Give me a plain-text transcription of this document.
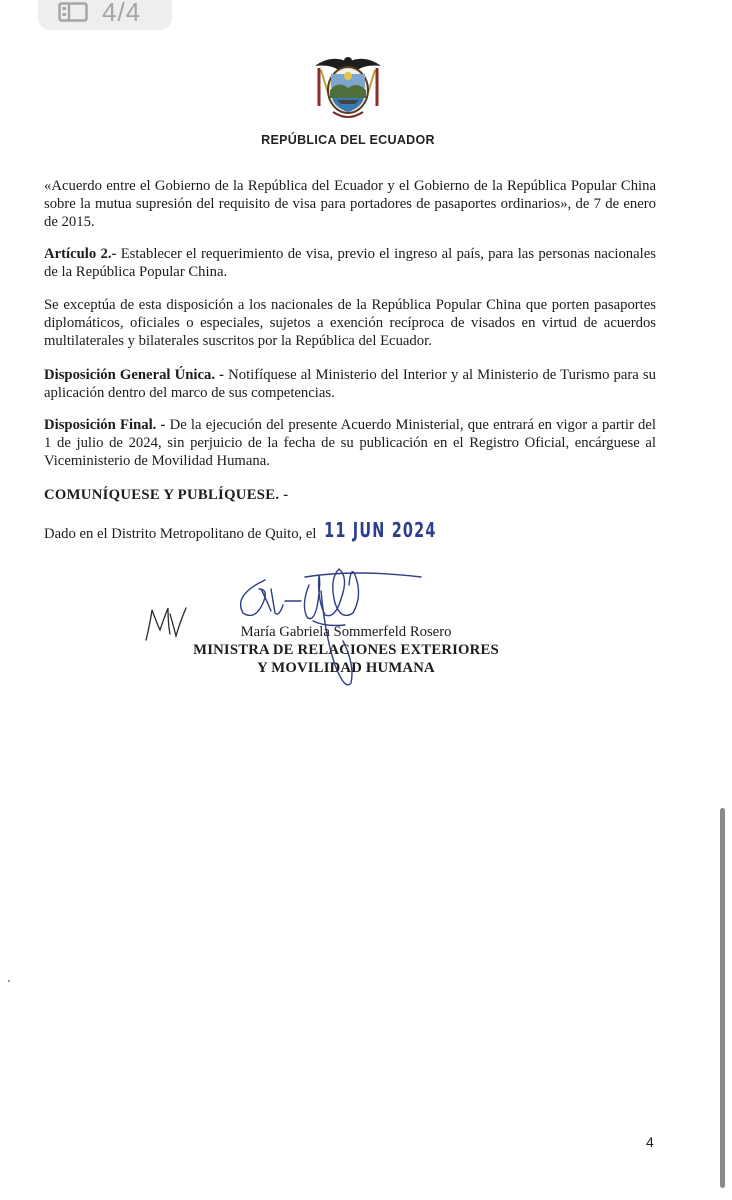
4/4
REPÚBLICA DEL ECUADOR

«Acuerdo entre el Gobierno de la República del Ecuador y el Gobierno de la República Popular China sobre la mutua supresión del requisito de visa para portadores de pasaportes ordinarios», de 7 de enero de 2015.

Artículo 2.- Establecer el requerimiento de visa, previo el ingreso al país, para las personas nacionales de la República Popular China.

Se exceptúa de esta disposición a los nacionales de la República Popular China que porten pasaportes diplomáticos, oficiales o especiales, sujetos a exención recíproca de visados en virtud de acuerdos multilaterales y bilaterales suscritos por la República del Ecuador.

Disposición General Única. - Notifíquese al Ministerio del Interior y al Ministerio de Turismo para su aplicación dentro del marco de sus competencias.

Disposición Final. - De la ejecución del presente Acuerdo Ministerial, que entrará en vigor a partir del 1 de julio de 2024, sin perjuicio de la fecha de su publicación en el Registro Oficial, encárguese al Viceministerio de Movilidad Humana.

COMUNÍQUESE Y PUBLÍQUESE. -

Dado en el Distrito Metropolitano de Quito, el 11 JUN 2024

María Gabriela Sommerfeld Rosero

MINISTRA DE RELACIONES EXTERIORES

Y MOVILIDAD HUMANA

4
